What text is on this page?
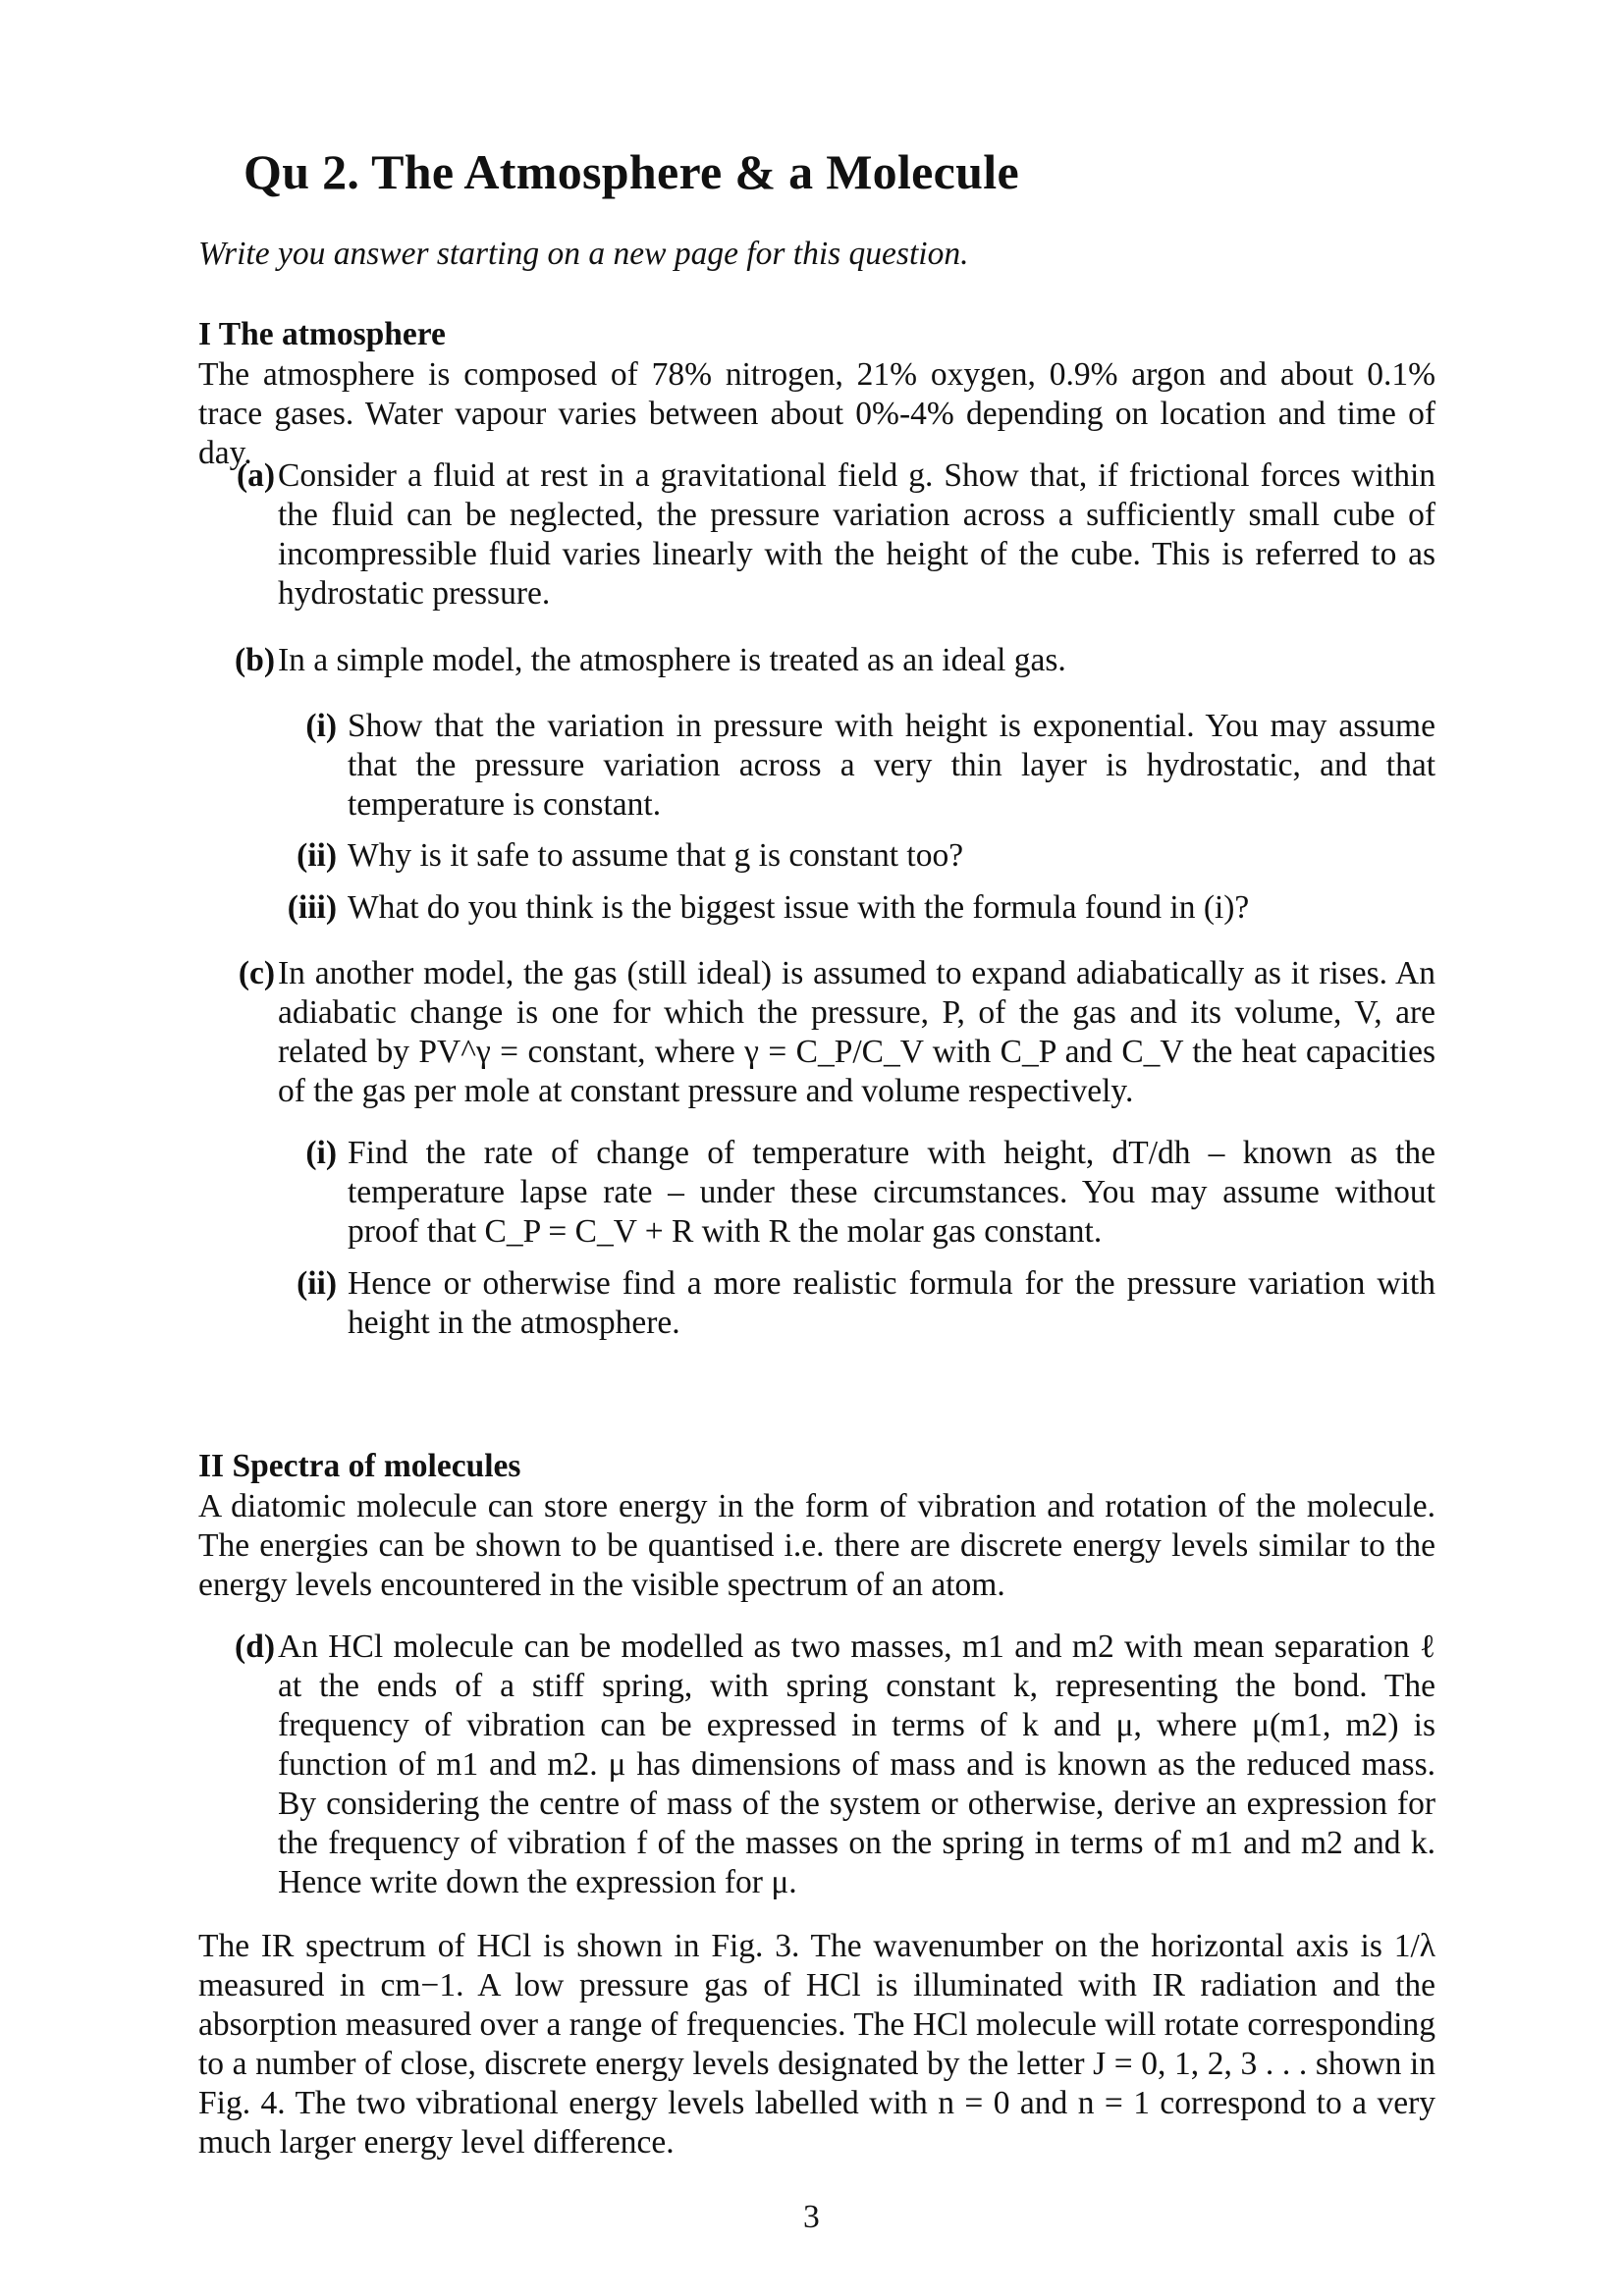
Qu 2. The Atmosphere & a Molecule
Write you answer starting on a new page for this question.
I The atmosphere
The atmosphere is composed of 78% nitrogen, 21% oxygen, 0.9% argon and about 0.1% trace gases. Water vapour varies between about 0%-4% depending on location and time of day.
(a) Consider a fluid at rest in a gravitational field g. Show that, if frictional forces within the fluid can be neglected, the pressure variation across a sufficiently small cube of incompressible fluid varies linearly with the height of the cube. This is referred to as hydrostatic pressure.
(b) In a simple model, the atmosphere is treated as an ideal gas.
(i) Show that the variation in pressure with height is exponential. You may assume that the pressure variation across a very thin layer is hydrostatic, and that temperature is constant.
(ii) Why is it safe to assume that g is constant too?
(iii) What do you think is the biggest issue with the formula found in (i)?
(c) In another model, the gas (still ideal) is assumed to expand adiabatically as it rises. An adiabatic change is one for which the pressure, P, of the gas and its volume, V, are related by PV^γ = constant, where γ = C_P/C_V with C_P and C_V the heat capacities of the gas per mole at constant pressure and volume respectively.
(i) Find the rate of change of temperature with height, dT/dh – known as the temperature lapse rate – under these circumstances. You may assume without proof that C_P = C_V + R with R the molar gas constant.
(ii) Hence or otherwise find a more realistic formula for the pressure variation with height in the atmosphere.
II Spectra of molecules
A diatomic molecule can store energy in the form of vibration and rotation of the molecule. The energies can be shown to be quantised i.e. there are discrete energy levels similar to the energy levels encountered in the visible spectrum of an atom.
(d) An HCl molecule can be modelled as two masses, m1 and m2 with mean separation ℓ at the ends of a stiff spring, with spring constant k, representing the bond. The frequency of vibration can be expressed in terms of k and μ, where μ(m1, m2) is function of m1 and m2. μ has dimensions of mass and is known as the reduced mass. By considering the centre of mass of the system or otherwise, derive an expression for the frequency of vibration f of the masses on the spring in terms of m1 and m2 and k. Hence write down the expression for μ.
The IR spectrum of HCl is shown in Fig. 3. The wavenumber on the horizontal axis is 1/λ measured in cm−1. A low pressure gas of HCl is illuminated with IR radiation and the absorption measured over a range of frequencies. The HCl molecule will rotate corresponding to a number of close, discrete energy levels designated by the letter J = 0, 1, 2, 3 . . . shown in Fig. 4. The two vibrational energy levels labelled with n = 0 and n = 1 correspond to a very much larger energy level difference.
3
